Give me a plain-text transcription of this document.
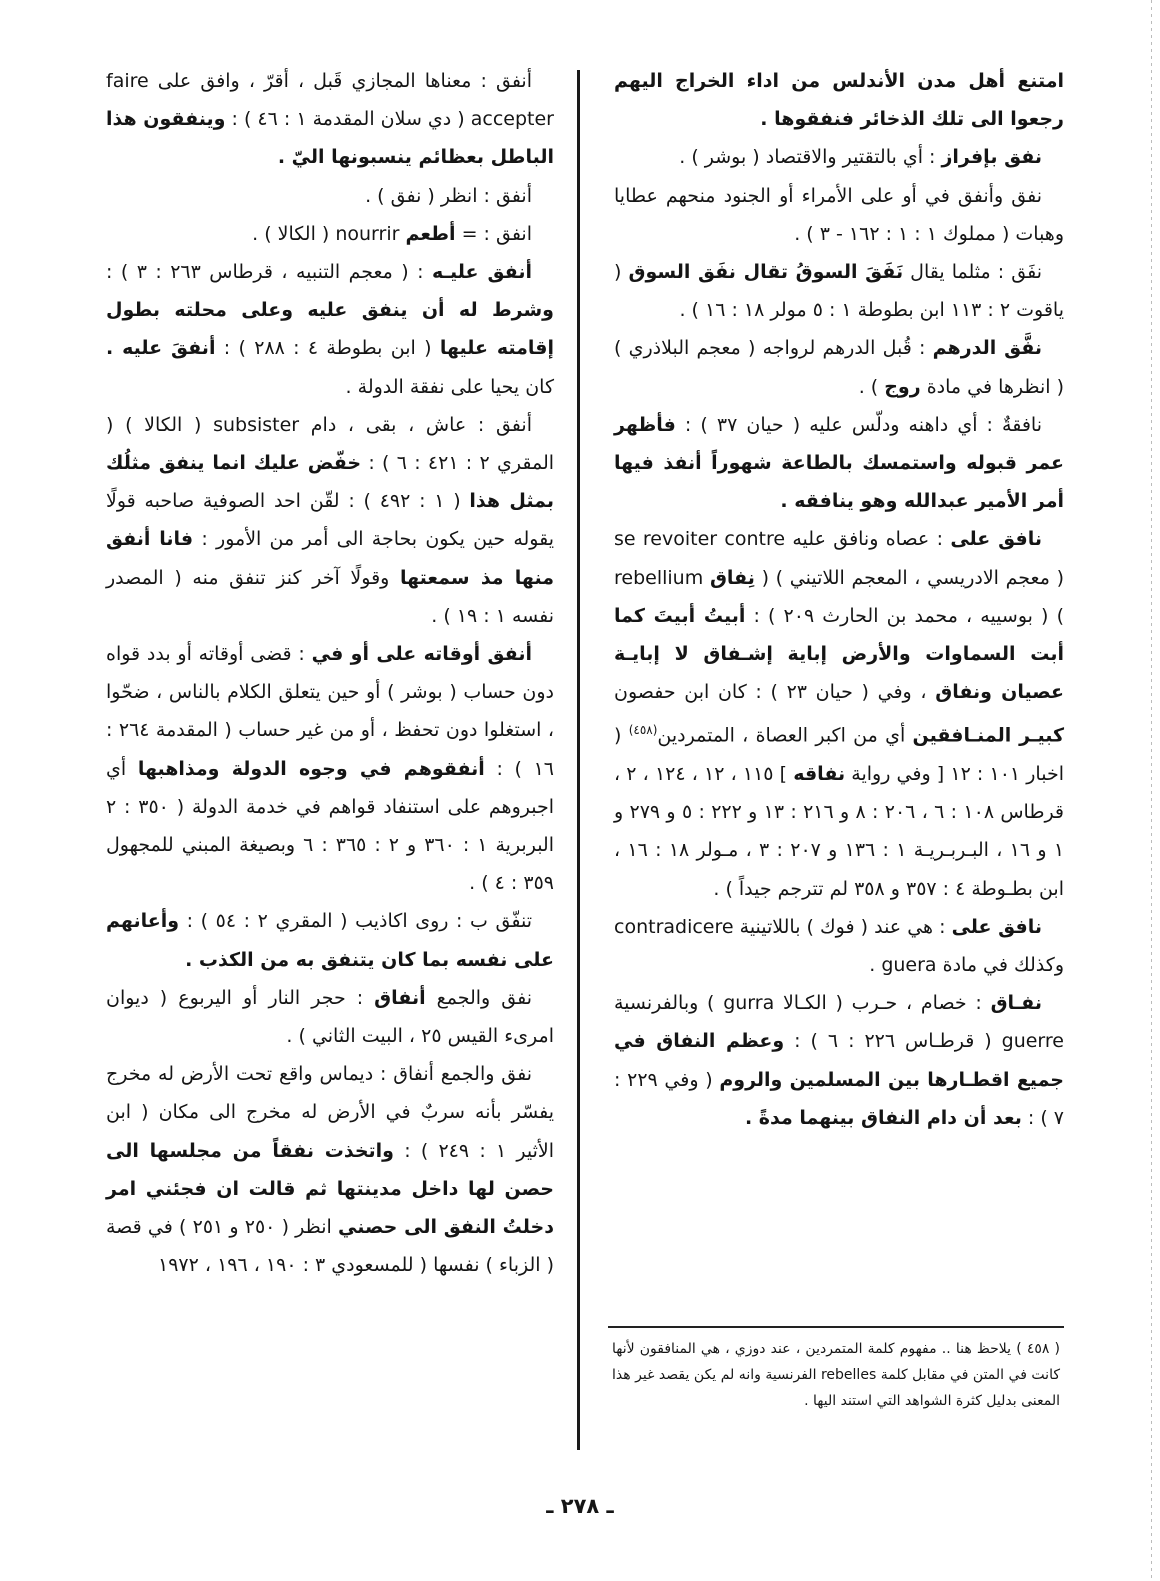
امتنع أهل مدن الأندلس من اداء الخراج اليهم رجعوا الى تلك الذخائر فنفقوها .

نفق بإفراز : أي بالتقتير والاقتصاد ( بوشر ) .

نفق وأنفق في أو على الأمراء أو الجنود منحهم عطايا وهبات ( مملوك ١ : ١ : ١٦٢ - ٣ ) .

نفَق : مثلما يقال نَفَقَ السوقُ تقال نفَق السوق ( ياقوت ٢ : ١١٣ ابن بطوطة ١ : ٥ مولر ١٨ : ١٦ ) .

نفَّق الدرهم : قُبل الدرهم لرواجه ( معجم البلاذري ) ( انظرها في مادة روج ) .

نافقةٌ : أي داهنه ودلّس عليه ( حيان ٣٧ ) : فأظهر عمر قبوله واستمسك بالطاعة شهوراً أنفذ فيها أمر الأمير عبدالله وهو ينافقه .

نافق على : عصاه ونافق عليه se revoiter contre ( معجم الادريسي ، المعجم اللاتيني ) ( نِفاق rebellium ) ( بوسييه ، محمد بن الحارث ٢٠٩ ) : أبيتُ أبيتَ كما أبت السماوات والأرض إباية إشـفاق لا إبايـة عصيان ونفاق ، وفي ( حيان ٢٣ ) : كان ابن حفصون كبيـر المنـافقين أي من اكبر العصاة ، المتمردين$^{(٤٥٨)}$ ( اخبار ١٠١ : ١٢ [ وفي رواية نفاقه ] ١١٥ ، ١٢ ، ١٢٤ ، ٢ ، قرطاس ١٠٨ : ٦ ، ٢٠٦ : ٨ و ٢١٦ : ١٣ و ٢٢٢ : ٥ و ٢٧٩ و ١ و ١٦ ، البـربـريـة ١ : ١٣٦ و ٢٠٧ : ٣ ، مـولر ١٨ : ١٦ ، ابن بطـوطة ٤ : ٣٥٧ و ٣٥٨ لم تترجم جيداً ) .

نافق على : هي عند ( فوك ) باللاتينية contradicere وكذلك في مادة guera .

نفـاق : خصام ، حـرب ( الكـالا gurra ) وبالفرنسية guerre ( قرطـاس ٢٢٦ : ٦ ) : وعظم النفاق في جميع اقطـارها بين المسلمين والروم ( وفي ٢٢٩ : ٧ ) : بعد أن دام النفاق بينهما مدةً .

أنفق : معناها المجازي قَبل ، أقرّ ، وافق على faire accepter ( دي سلان المقدمة ١ : ٤٦ ) : وينفقون هذا الباطل بعظائم ينسبونها اليّ .

أنفق : انظر ( نفق ) .

انفق : = أطعم nourrir ( الكالا ) .

أنفق عليـه : ( معجم التنبيه ، قرطاس ٢٦٣ : ٣ ) : وشرط له أن ينفق عليه وعلى محلته بطول إقامته عليها ( ابن بطوطة ٤ : ٢٨٨ ) : أنفقَ عليه . كان يحيا على نفقة الدولة .

أنفق : عاش ، بقى ، دام subsister ( الكالا ) ( المقري ٢ : ٤٢١ : ٦ ) : خفّض عليك انما ينفق مثلُك بمثل هذا ( ١ : ٤٩٢ ) : لقّن احد الصوفية صاحبه قولًا يقوله حين يكون بحاجة الى أمر من الأمور : فانا أنفق منها مذ سمعتها وقولًا آخر كنز تنفق منه ( المصدر نفسه ١ : ١٩ ) .

أنفق أوقاته على أو في : قضى أوقاته أو بدد قواه دون حساب ( بوشر ) أو حين يتعلق الكلام بالناس ، ضحّوا ، استغلوا دون تحفظ ، أو من غير حساب ( المقدمة ٢٦٤ : ١٦ ) : أنفقوهم في وجوه الدولة ومذاهبها أي اجبروهم على استنفاد قواهم في خدمة الدولة ( ٣٥٠ : ٢ البربرية ١ : ٣٦٠ و ٢ : ٣٦٥ : ٦ وبصيغة المبني للمجهول ٣٥٩ : ٤ ) .

تنفّق ب : روى اكاذيب ( المقري ٢ : ٥٤ ) : وأعانهم على نفسه بما كان يتنفق به من الكذب .

نفق والجمع أنفاق : حجر النار أو اليربوع ( ديوان امرىء القيس ٢٥ ، البيت الثاني ) .

نفق والجمع أنفاق : ديماس واقع تحت الأرض له مخرج يفسّر بأنه سربٌ في الأرض له مخرج الى مكان ( ابن الأثير ١ : ٢٤٩ ) : واتخذت نفقاً من مجلسها الى حصن لها داخل مدينتها ثم قالت ان فجئني امر دخلتُ النفق الى حصني انظر ( ٢٥٠ و ٢٥١ ) في قصة ( الزباء ) نفسها ( للمسعودي ٣ : ١٩٠ ، ١٩٦ ، ١٩٧٢

( ٤٥٨ ) يلاحظ هنا .. مفهوم كلمة المتمردين ، عند دوزي ، هي المنافقون لأنها كانت في المتن في مقابل كلمة rebelles الفرنسية وانه لم يكن يقصد غير هذا المعنى بدليل كثرة الشواهد التي استند اليها .

ـ ٢٧٨ ـ
